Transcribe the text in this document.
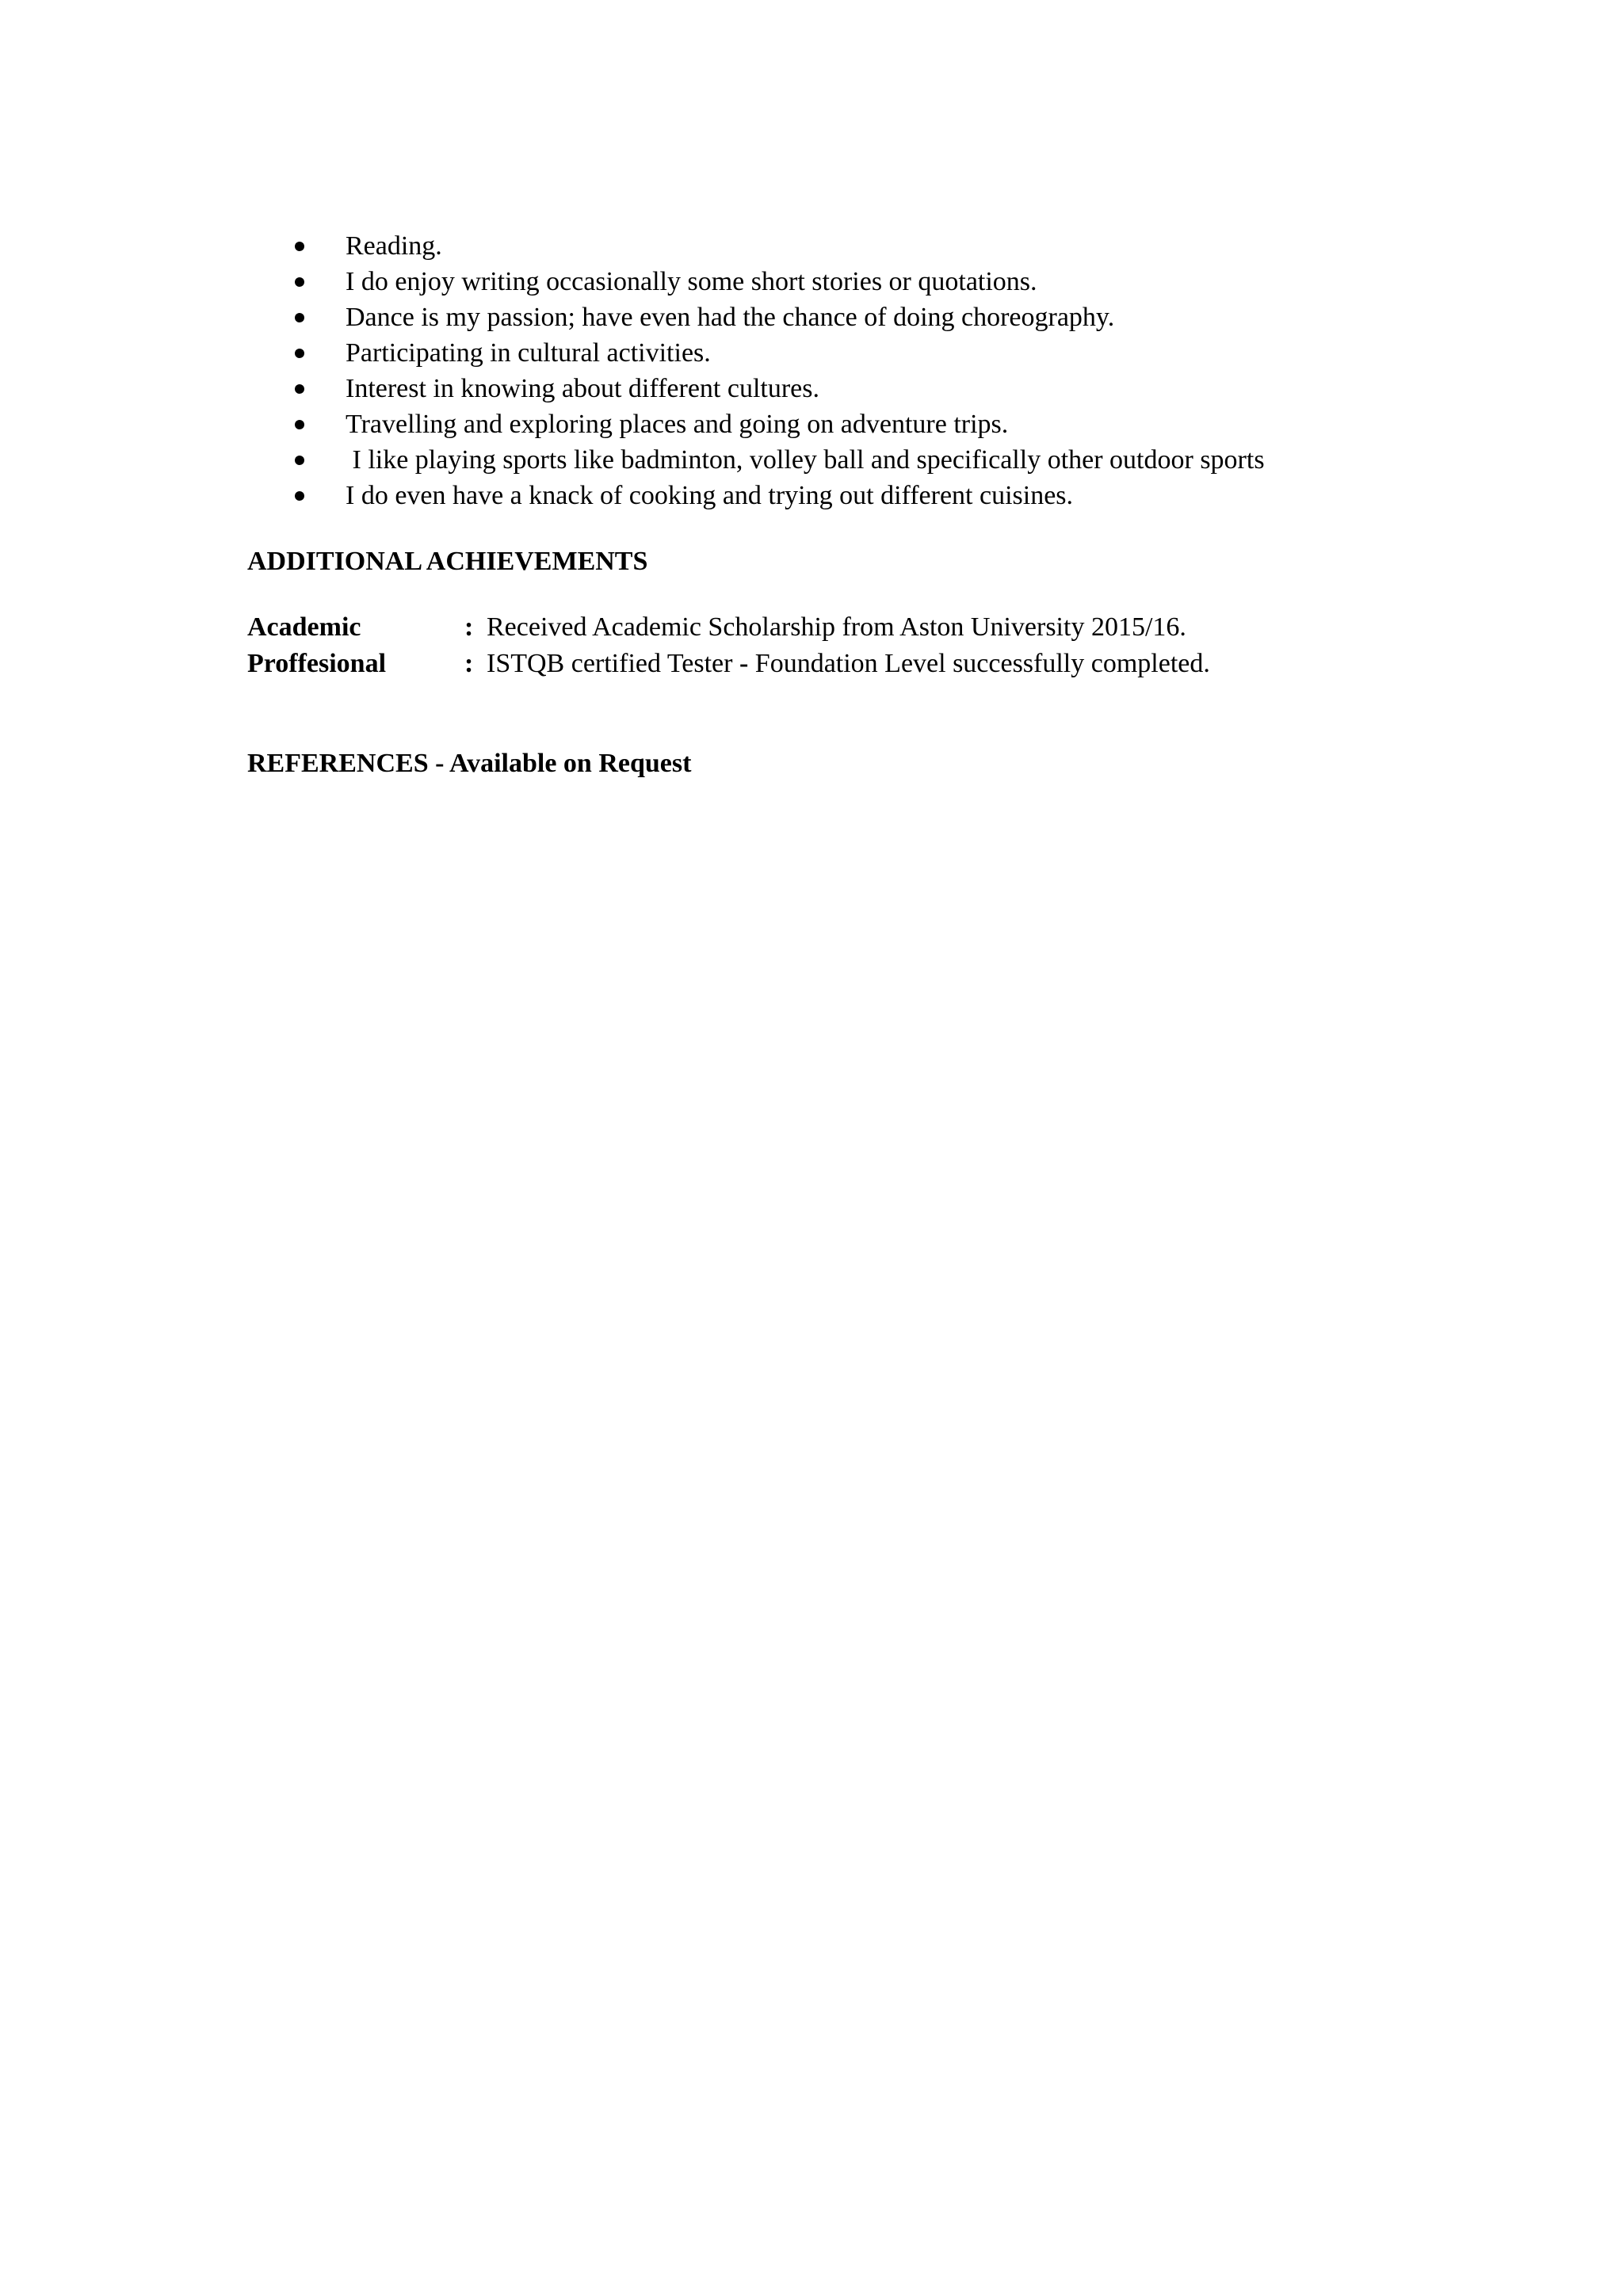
Reading.

I do enjoy writing occasionally some short stories or quotations.

Dance is my passion; have even had the chance of doing choreography.

Participating in cultural activities.

Interest in knowing about different cultures.

Travelling and exploring places and going on adventure trips.

I like playing sports like badminton, volley ball and specifically other outdoor sports

I do even have a knack of cooking and trying out different cuisines.

ADDITIONAL ACHIEVEMENTS
Academic	: Received Academic Scholarship from Aston University 2015/16.
Proffesional	: ISTQB certified Tester - Foundation Level successfully completed.
REFERENCES - Available on Request
